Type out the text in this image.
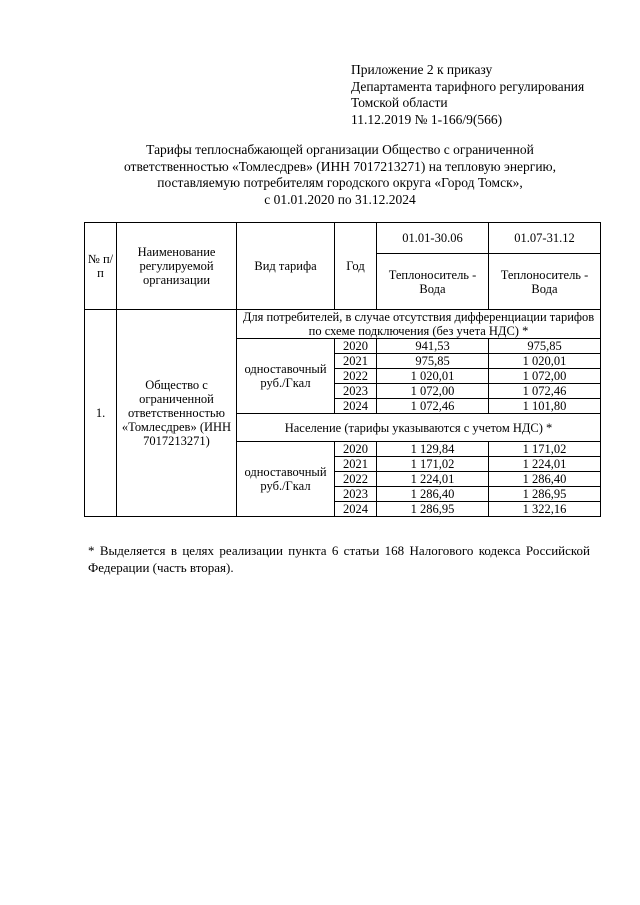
Приложение 2 к приказу
Департамента тарифного регулирования
Томской области
11.12.2019 № 1-166/9(566)
Тарифы теплоснабжающей организации Общество с ограниченной
ответственностью «Томлесдрев» (ИНН 7017213271) на тепловую энергию,
поставляемую потребителям городского округа «Город Томск»,
с 01.01.2020 по 31.12.2024
№ п/п	Наименование регулируемой организации	Вид тарифа	Год	01.01-30.06	01.07-31.12
				Теплоноситель - Вода	Теплоноситель - Вода
1.	Общество с ограниченной ответственностью «Томлесдрев» (ИНН 7017213271)	Для потребителей, в случае отсутствия дифференциации тарифов по схеме подключения (без учета НДС) *			
		одноставочный руб./Гкал	2020	941,53	975,85
			2021	975,85	1 020,01
			2022	1 020,01	1 072,00
			2023	1 072,00	1 072,46
			2024	1 072,46	1 101,80
		Население (тарифы указываются с учетом НДС) *			
		одноставочный руб./Гкал	2020	1 129,84	1 171,02
			2021	1 171,02	1 224,01
			2022	1 224,01	1 286,40
			2023	1 286,40	1 286,95
			2024	1 286,95	1 322,16
* Выделяется в целях реализации пункта 6 статьи 168 Налогового кодекса Российской Федерации (часть вторая).
